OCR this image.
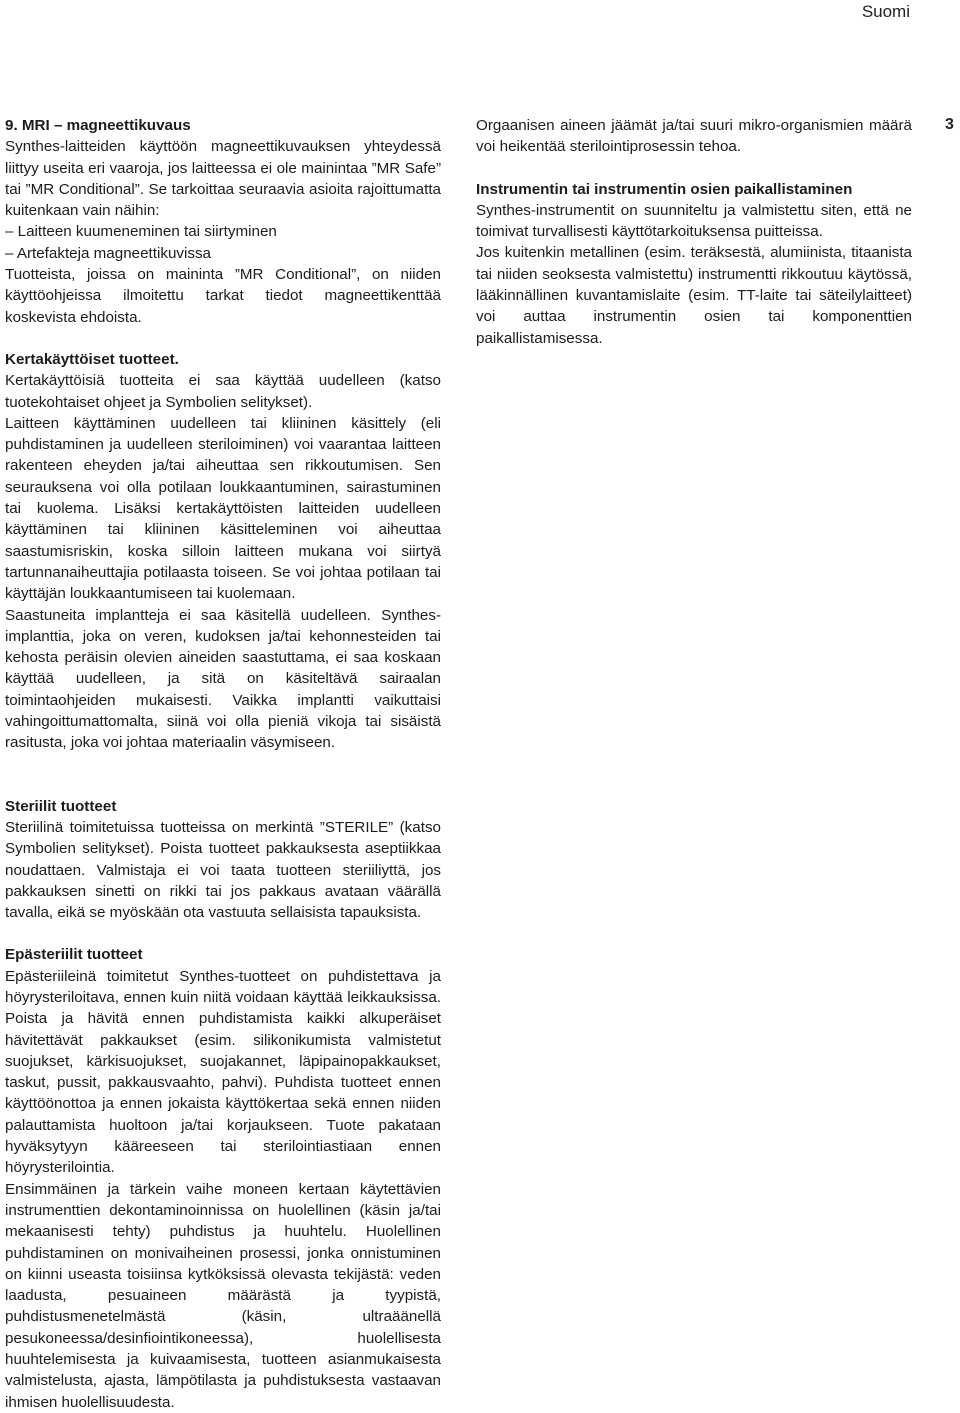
Suomi
3
9. MRI – magneettikuvaus

Synthes-laitteiden käyttöön magneettikuvauksen yhteydessä liittyy useita eri vaaroja, jos laitteessa ei ole mainintaa ”MR Safe” tai ”MR Conditional”. Se tarkoittaa seuraavia asioita rajoittumatta kuitenkaan vain näihin:

– Laitteen kuumeneminen tai siirtyminen

– Artefakteja magneettikuvissa

Tuotteista, joissa on maininta ”MR Conditional”, on niiden käyttöohjeissa ilmoitettu tarkat tiedot magneettikenttää koskevista ehdoista.

Kertakäyttöiset tuotteet.

Kertakäyttöisiä tuotteita ei saa käyttää uudelleen (katso tuotekohtaiset ohjeet ja Symbolien selitykset).

Laitteen käyttäminen uudelleen tai kliininen käsittely (eli puhdistaminen ja uudelleen steriloiminen) voi vaarantaa laitteen rakenteen eheyden ja/tai aiheuttaa sen rikkoutumisen. Sen seurauksena voi olla potilaan loukkaantuminen, sairastuminen tai kuolema. Lisäksi kertakäyttöisten laitteiden uudelleen käyttäminen tai kliininen käsitteleminen voi aiheuttaa saastumisriskin, koska silloin laitteen mukana voi siirtyä tartunnanaiheuttajia potilaasta toiseen. Se voi johtaa potilaan tai käyttäjän loukkaantumiseen tai kuolemaan.

Saastuneita implantteja ei saa käsitellä uudelleen. Synthes-implanttia, joka on veren, kudoksen ja/tai kehonnesteiden tai kehosta peräisin olevien aineiden saastuttama, ei saa koskaan käyttää uudelleen, ja sitä on käsiteltävä sairaalan toimintaohjeiden mukaisesti. Vaikka implantti vaikuttaisi vahingoittumattomalta, siinä voi olla pieniä vikoja tai sisäistä rasitusta, joka voi johtaa materiaalin väsymiseen.

Steriilit tuotteet

Steriilinä toimitetuissa tuotteissa on merkintä ”STERILE” (katso Symbolien selitykset). Poista tuotteet pakkauksesta aseptiikkaa noudattaen. Valmistaja ei voi taata tuotteen steriiliyttä, jos pakkauksen sinetti on rikki tai jos pakkaus avataan väärällä tavalla, eikä se myöskään ota vastuuta sellaisista tapauksista.

Epästeriilit tuotteet

Epästeriileinä toimitetut Synthes-tuotteet on puhdistettava ja höyrysteriloitava, ennen kuin niitä voidaan käyttää leikkauksissa. Poista ja hävitä ennen puhdistamista kaikki alkuperäiset hävitettävät pakkaukset (esim. silikonikumista valmistetut suojukset, kärkisuojukset, suojakannet, läpipainopakkaukset, taskut, pussit, pakkausvaahto, pahvi). Puhdista tuotteet ennen käyttöönottoa ja ennen jokaista käyttökertaa sekä ennen niiden palauttamista huoltoon ja/tai korjaukseen. Tuote pakataan hyväksytyyn kääreeseen tai sterilointiastiaan ennen höyrysterilointia.

Ensimmäinen ja tärkein vaihe moneen kertaan käytettävien instrumenttien dekontaminoinnissa on huolellinen (käsin ja/tai mekaanisesti tehty) puhdistus ja huuhtelu. Huolellinen puhdistaminen on monivaiheinen prosessi, jonka onnistuminen on kiinni useasta toisiinsa kytköksissä olevasta tekijästä: veden laadusta, pesuaineen määrästä ja tyypistä, puhdistusmenetelmästä (käsin, ultraäänellä pesukoneessa/desinfiointikoneessa), huolellisesta huuhtelemisesta ja kuivaamisesta, tuotteen asianmukaisesta valmistelusta, ajasta, lämpötilasta ja puhdistuksesta vastaavan ihmisen huolellisuudesta.

Orgaanisen aineen jäämät ja/tai suuri mikro-organismien määrä voi heikentää sterilointiprosessin tehoa.

Instrumentin tai instrumentin osien paikallistaminen

Synthes-instrumentit on suunniteltu ja valmistettu siten, että ne toimivat turvallisesti käyttötarkoituksensa puitteissa.

Jos kuitenkin metallinen (esim. teräksestä, alumiinista, titaanista tai niiden seoksesta valmistettu) instrumentti rikkoutuu käytössä, lääkinnällinen kuvantamislaite (esim. TT-laite tai säteilylaitteet) voi auttaa instrumentin osien tai komponenttien paikallistamisessa.
